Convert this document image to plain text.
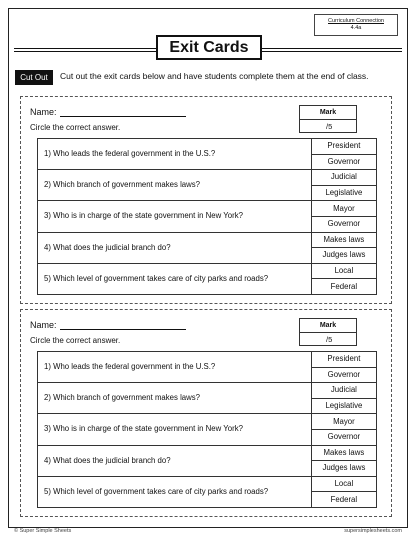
Curriculum Connection
4.4a
Exit Cards
Cut Out	Cut out the exit cards below and have students complete them at the end of class.
Name:
Circle the correct answer.
Mark
/5
1) Who leads the federal government in the U.S.?	President
	Governor
2) Which branch of government makes laws?	Judicial
	Legislative
3) Who is in charge of the state government in New York?	Mayor
	Governor
4) What does the judicial branch do?	Makes laws
	Judges laws
5) Which level of government takes care of city parks and roads?	Local
	Federal
Name:
Circle the correct answer.
Mark
/5
1) Who leads the federal government in the U.S.?	President
	Governor
2) Which branch of government makes laws?	Judicial
	Legislative
3) Who is in charge of the state government in New York?	Mayor
	Governor
4) What does the judicial branch do?	Makes laws
	Judges laws
5) Which level of government takes care of city parks and roads?	Local
	Federal
© Super Simple Sheets	supersimplesheets.com
